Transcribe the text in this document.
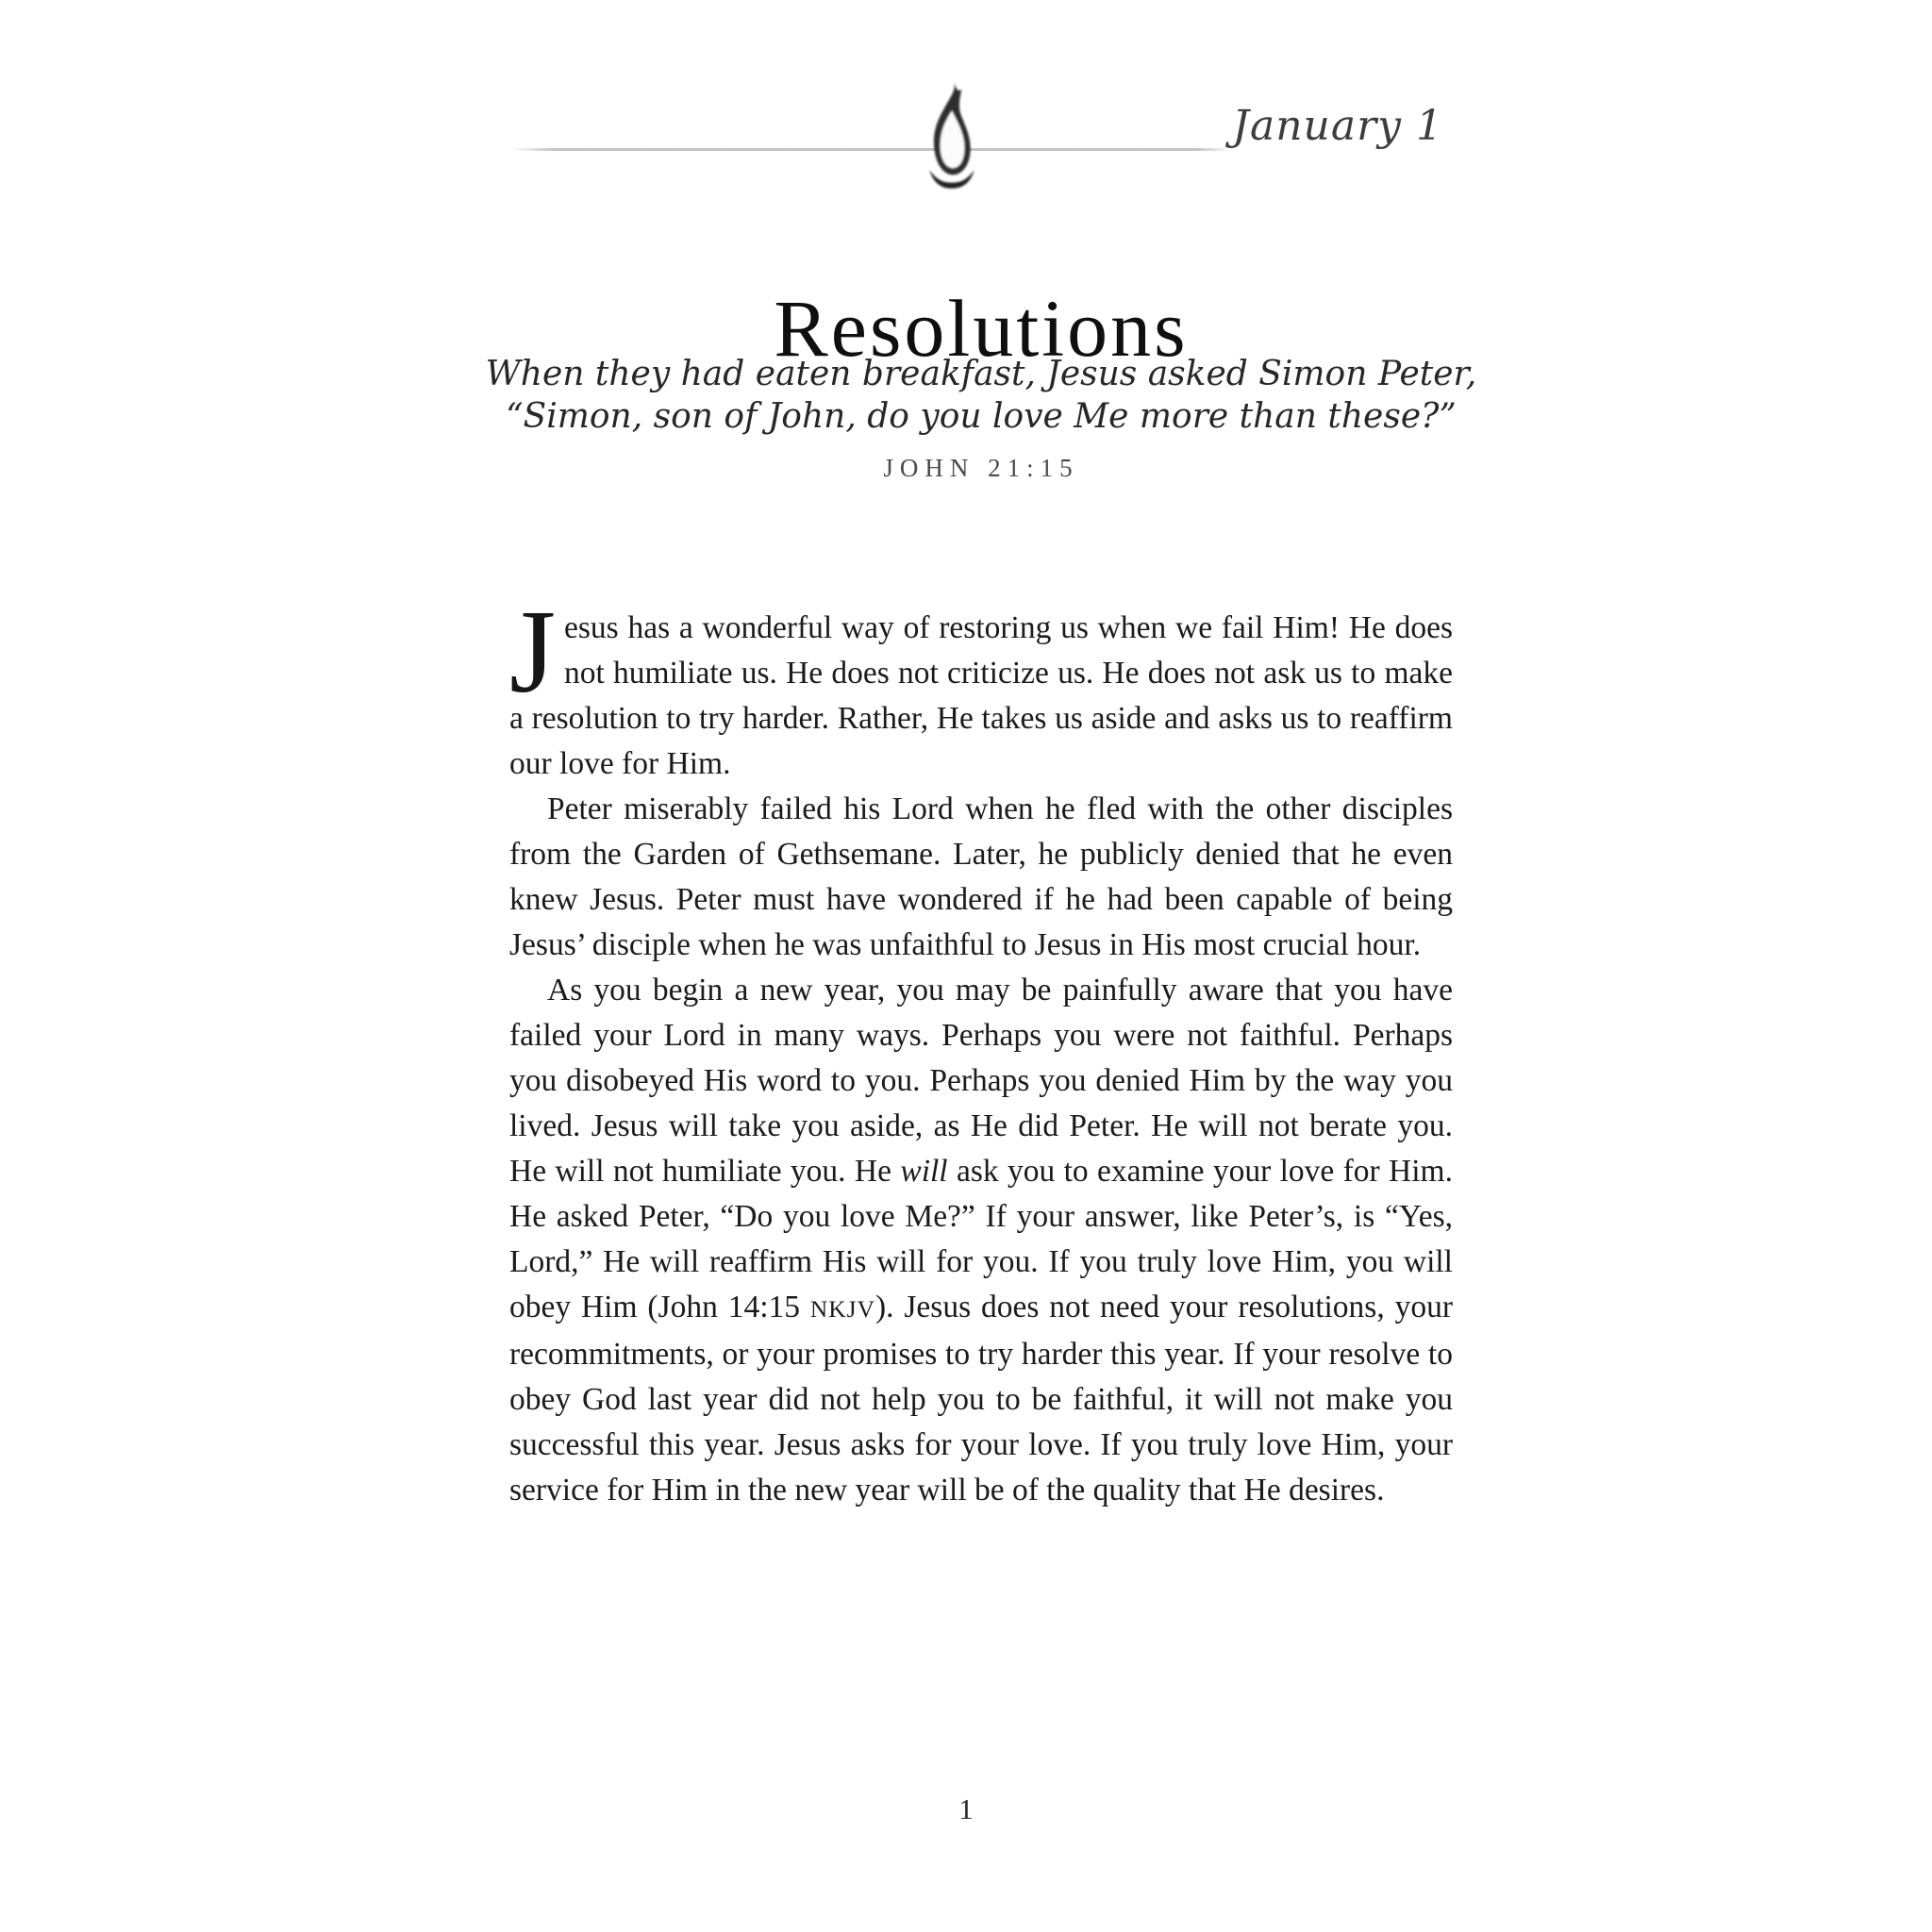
January 1
Resolutions
When they had eaten breakfast, Jesus asked Simon Peter,
“Simon, son of John, do you love Me more than these?”
JOHN 21:15

Jesus has a wonderful way of restoring us when we fail Him! He does not humiliate us. He does not criticize us. He does not ask us to make a resolution to try harder. Rather, He takes us aside and asks us to reaffirm our love for Him.

Peter miserably failed his Lord when he fled with the other disciples from the Garden of Gethsemane. Later, he publicly denied that he even knew Jesus. Peter must have wondered if he had been capable of being Jesus’ disciple when he was unfaithful to Jesus in His most crucial hour.

As you begin a new year, you may be painfully aware that you have failed your Lord in many ways. Perhaps you were not faithful. Perhaps you disobeyed His word to you. Perhaps you denied Him by the way you lived. Jesus will take you aside, as He did Peter. He will not berate you. He will not humiliate you. He will ask you to examine your love for Him. He asked Peter, “Do you love Me?” If your answer, like Peter’s, is “Yes, Lord,” He will reaffirm His will for you. If you truly love Him, you will obey Him (John 14:15 NKJV). Jesus does not need your resolutions, your recommitments, or your promises to try harder this year. If your resolve to obey God last year did not help you to be faithful, it will not make you successful this year. Jesus asks for your love. If you truly love Him, your service for Him in the new year will be of the quality that He desires.

1
